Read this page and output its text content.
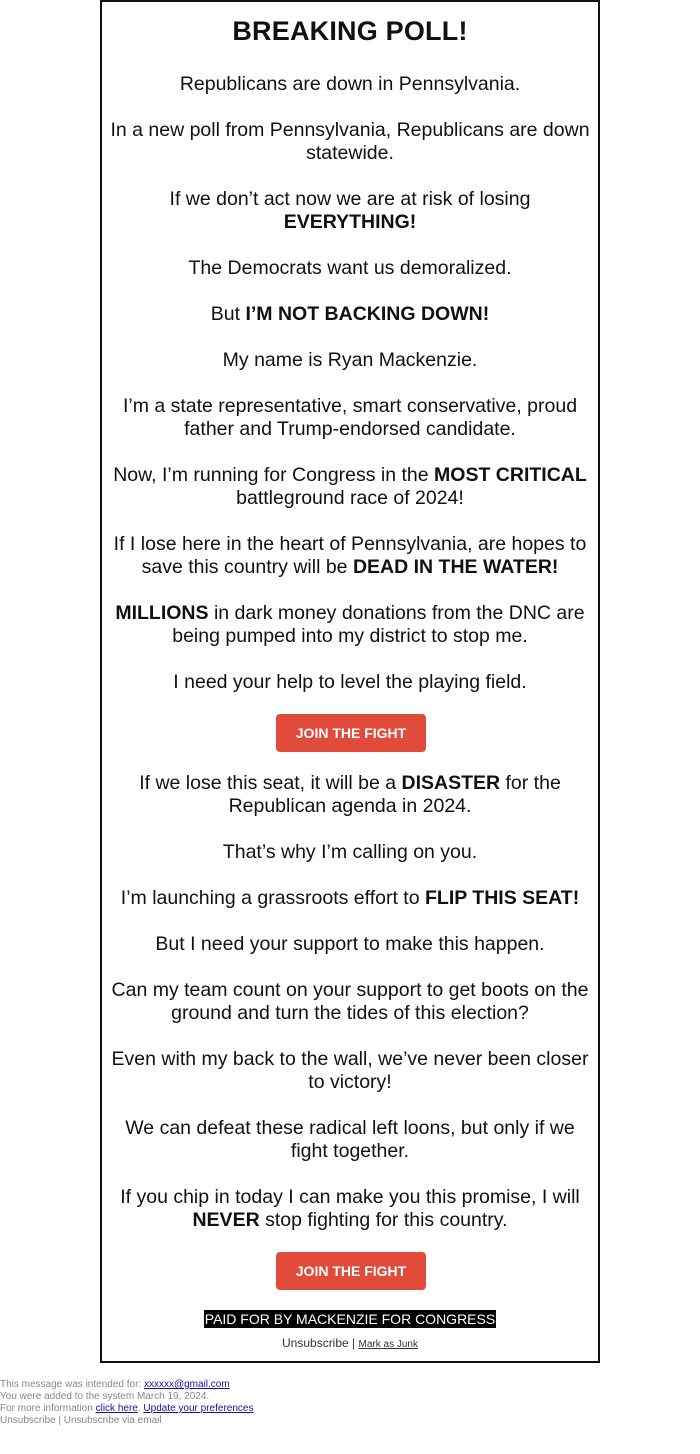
BREAKING POLL!

Republicans are down in Pennsylvania.

In a new poll from Pennsylvania, Republicans are down statewide.

If we don’t act now we are at risk of losing EVERYTHING!

The Democrats want us demoralized.

But I’M NOT BACKING DOWN!

My name is Ryan Mackenzie.

I’m a state representative, smart conservative, proud father and Trump-endorsed candidate.

Now, I’m running for Congress in the MOST CRITICAL battleground race of 2024!

If I lose here in the heart of Pennsylvania, are hopes to save this country will be DEAD IN THE WATER!

MILLIONS in dark money donations from the DNC are being pumped into my district to stop me.

I need your help to level the playing field.

JOIN THE FIGHT

If we lose this seat, it will be a DISASTER for the Republican agenda in 2024.

That’s why I’m calling on you.

I’m launching a grassroots effort to FLIP THIS SEAT!

But I need your support to make this happen.

Can my team count on your support to get boots on the ground and turn the tides of this election?

Even with my back to the wall, we’ve never been closer to victory!

We can defeat these radical left loons, but only if we fight together.

If you chip in today I can make you this promise, I will NEVER stop fighting for this country.

JOIN THE FIGHT
PAID FOR BY MACKENZIE FOR CONGRESS
Unsubscribe | Mark as Junk
This message was intended for: xxxxxx@gmail.com
You were added to the system March 19, 2024.
For more information click here. Update your preferences
Unsubscribe | Unsubscribe via email
